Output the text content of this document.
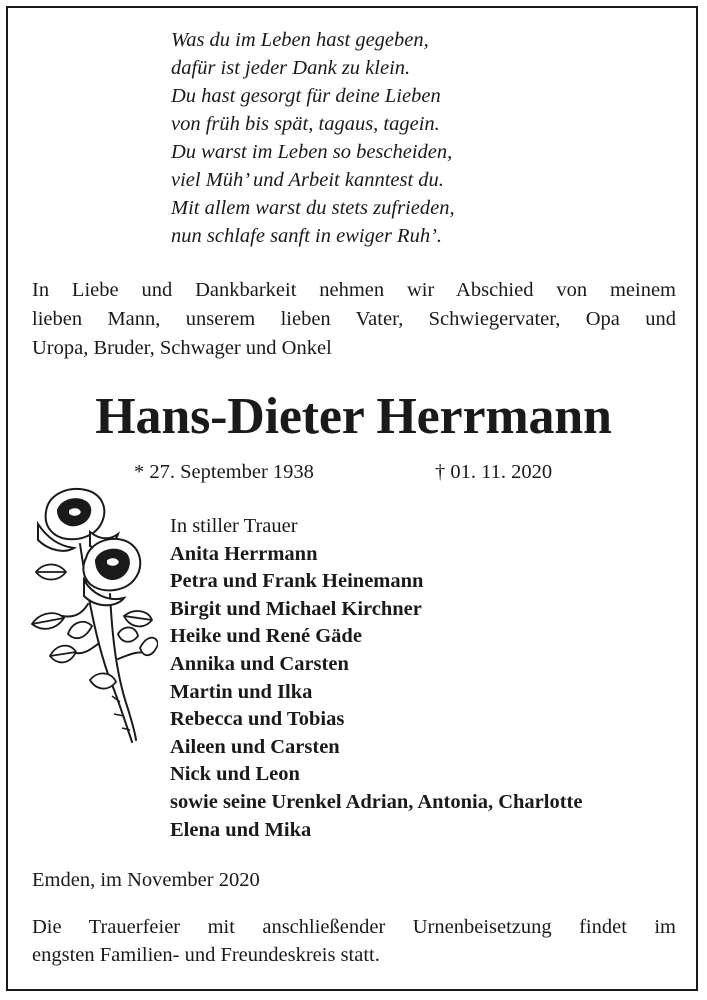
Was du im Leben hast gegeben,
dafür ist jeder Dank zu klein.
Du hast gesorgt für deine Lieben
von früh bis spät, tagaus, tagein.
Du warst im Leben so bescheiden,
viel Müh’ und Arbeit kanntest du.
Mit allem warst du stets zufrieden,
nun schlafe sanft in ewiger Ruh’.
In Liebe und Dankbarkeit nehmen wir Abschied von meinem
lieben Mann, unserem lieben Vater, Schwiegervater, Opa und
Uropa, Bruder, Schwager und Onkel
Hans-Dieter Herrmann
* 27. September 1938	† 01. 11. 2020
In stiller Trauer
Anita Herrmann
Petra und Frank Heinemann
Birgit und Michael Kirchner
Heike und René Gäde
Annika und Carsten
Martin und Ilka
Rebecca und Tobias
Aileen und Carsten
Nick und Leon
sowie seine Urenkel Adrian, Antonia, Charlotte
Elena und Mika
Emden, im November 2020
Die Trauerfeier mit anschließender Urnenbeisetzung findet im
engsten Familien- und Freundeskreis statt.
